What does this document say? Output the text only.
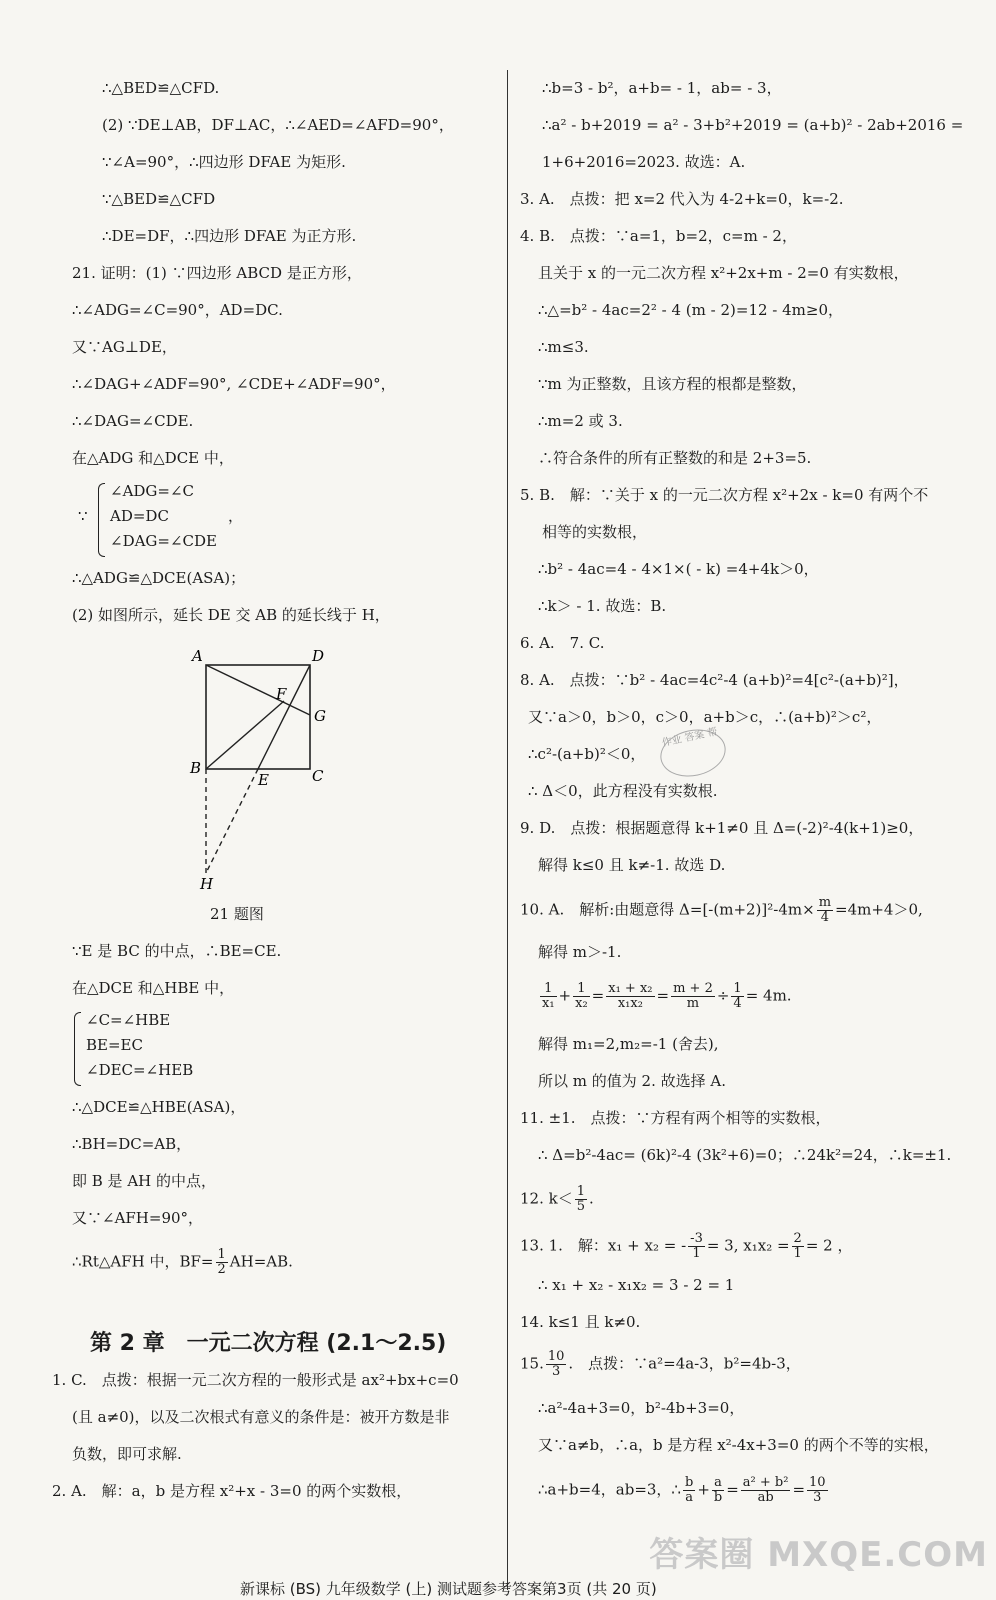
∴△BED≌△CFD.
(2) ∵DE⊥AB，DF⊥AC，∴∠AED=∠AFD=90°，
∵∠A=90°，∴四边形 DFAE 为矩形.
∵△BED≌△CFD
∴DE=DF，∴四边形 DFAE 为正方形.
21. 证明：(1) ∵四边形 ABCD 是正方形，
∴∠ADG=∠C=90°，AD=DC.
又∵AG⊥DE，
∴∠DAG+∠ADF=90°, ∠CDE+∠ADF=90°，
∴∠DAG=∠CDE.
在△ADG 和△DCE 中，
∵
∠ADG=∠C
AD=DC
∠DAG=∠CDE
，
∴△ADG≌△DCE(ASA)；
(2) 如图所示，延长 DE 交 AB 的延长线于 H，
A	D
F
G
B
E	C
H
21 题图
∵E 是 BC 的中点，∴BE=CE.
在△DCE 和△HBE 中，
∠C=∠HBE
BE=EC
∠DEC=∠HEB
∴△DCE≌△HBE(ASA)，
∴BH=DC=AB，
即 B 是 AH 的中点，
又∵∠AFH=90°，
∴Rt△AFH 中，$BF= \frac{1}{2} AH=AB$.
第 2 章　一元二次方程 (2.1～2.5)
1. C.　点拨：根据一元二次方程的一般形式是 ax²+bx+c=0
(且 a≠0)，以及二次根式有意义的条件是：被开方数是非
负数，即可求解.
2. A.　解：a，b 是方程 x²+x - 3=0 的两个实数根，
∴b=3 - b²，a+b= - 1，ab= - 3，
∴a² - b+2019 = a² - 3+b²+2019 = (a+b)² - 2ab+2016 =
1+6+2016=2023. 故选：A.
3. A.　点拨：把 x=2 代入为 4-2+k=0，k=-2.
4. B.　点拨：∵a=1，b=2，c=m - 2，
且关于 x 的一元二次方程 x²+2x+m - 2=0 有实数根，
∴△=b² - 4ac=2² - 4 (m - 2)=12 - 4m≥0，
∴m≤3.
∵m 为正整数，且该方程的根都是整数，
∴m=2 或 3.
∴符合条件的所有正整数的和是 2+3=5.
5. B.　解：∵关于 x 的一元二次方程 x²+2x - k=0 有两个不
相等的实数根，
∴b² - 4ac=4 - 4×1×( - k) =4+4k＞0，
∴k＞ - 1. 故选：B.
6. A.　7. C.
8. A.　点拨：∵b² - 4ac=4c²-4 (a+b)²=4[c²-(a+b)²]，
又∵a＞0，b＞0，c＞0，a+b＞c，∴(a+b)²＞c²，
∴c²-(a+b)²＜0，
∴ Δ＜0，此方程没有实数根.
9. D.　点拨：根据题意得 k+1≠0 且 Δ=(-2)²-4(k+1)≥0，
解得 k≤0 且 k≠-1. 故选 D.
10. A.　解析:由题意得 $\Delta=[-(m+2)]^2-4m\times \frac{m}{4} =4m+4>0$,
解得 m＞-1.
$\frac{1}{\text{x₁}} + \frac{1}{\text{x₂}} = \frac{\text{x₁ + x₂}}{\text{x₁x₂}} = \frac{m + 2}{m} \div \frac{1}{4} = 4m$.
解得 m₁=2,m₂=-1 (舍去),
所以 m 的值为 2. 故选择 A.
11. ±1.　点拨：∵方程有两个相等的实数根，
∴ Δ=b²-4ac= (6k)²-4 (3k²+6)=0；∴24k²=24，∴k=±1.
12. $k< \frac{1}{5}$ .
13. 1.　解：x₁ + x₂ = - $\frac{-3}{1} = 3$, $x_1x_2 = \frac{2}{1} = 2$ ，
∴ x₁ + x₂ - x₁x₂ = 3 - 2 = 1
14. k≤1 且 k≠0.
15. $\frac{10}{3}$ .　点拨：∵a²=4a-3，b²=4b-3，
∴a²-4a+3=0，b²-4b+3=0，
又∵a≠b，∴a，b 是方程 x²-4x+3=0 的两个不等的实根，
∴a+b=4，ab=3，∴ $\frac{b}{a} + \frac{a}{b} = \frac{\text{a² + b²}}{ab} = \frac{10}{3}$
作业 答案 帮
答案圈 MXQE.COM
新课标 (BS) 九年级数学 (上) 测试题参考答案第3页 (共 20 页)
